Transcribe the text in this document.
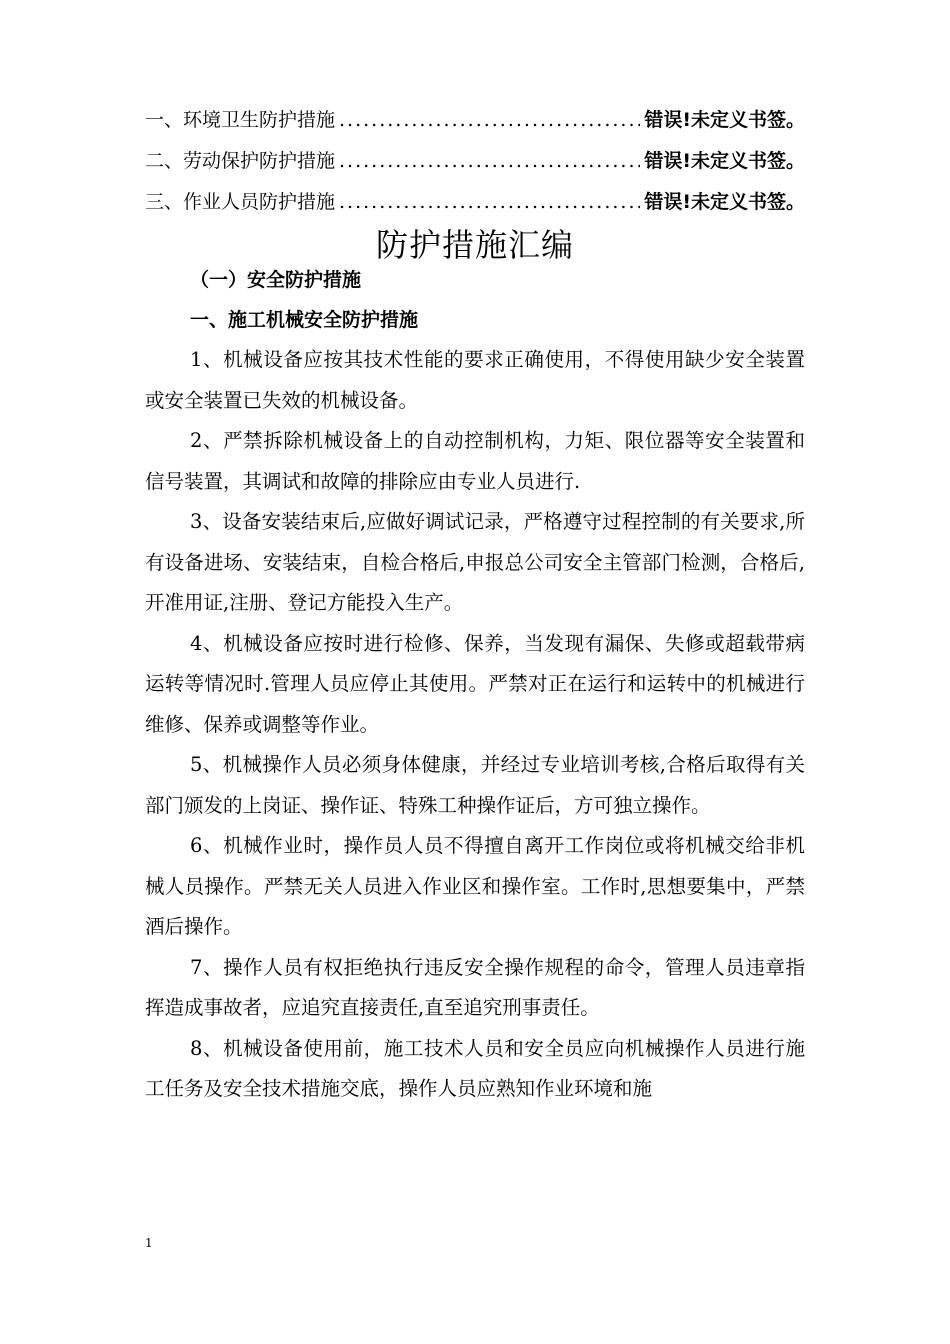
一、环境卫生防护措施 .....	错误!未定义书签。
二、劳动保护防护措施 .....	错误!未定义书签。
三、作业人员防护措施 .....	错误!未定义书签。
防护措施汇编
（一）安全防护措施
一、施工机械安全防护措施

1、机械设备应按其技术性能的要求正确使用，不得使用缺少安全装置或安全装置已失效的机械设备。

2、严禁拆除机械设备上的自动控制机构，力矩、限位器等安全装置和信号装置，其调试和故障的排除应由专业人员进行.

3、设备安装结束后,应做好调试记录，严格遵守过程控制的有关要求,所有设备进场、安装结束，自检合格后,申报总公司安全主管部门检测，合格后,开准用证,注册、登记方能投入生产。

4、机械设备应按时进行检修、保养，当发现有漏保、失修或超载带病运转等情况时.管理人员应停止其使用。严禁对正在运行和运转中的机械进行维修、保养或调整等作业。

5、机械操作人员必须身体健康，并经过专业培训考核,合格后取得有关部门颁发的上岗证、操作证、特殊工种操作证后，方可独立操作。

6、机械作业时，操作员人员不得擅自离开工作岗位或将机械交给非机械人员操作。严禁无关人员进入作业区和操作室。工作时,思想要集中，严禁酒后操作。

7、操作人员有权拒绝执行违反安全操作规程的命令，管理人员违章指挥造成事故者，应追究直接责任,直至追究刑事责任。

8、机械设备使用前，施工技术人员和安全员应向机械操作人员进行施工任务及安全技术措施交底，操作人员应熟知作业环境和施

1
